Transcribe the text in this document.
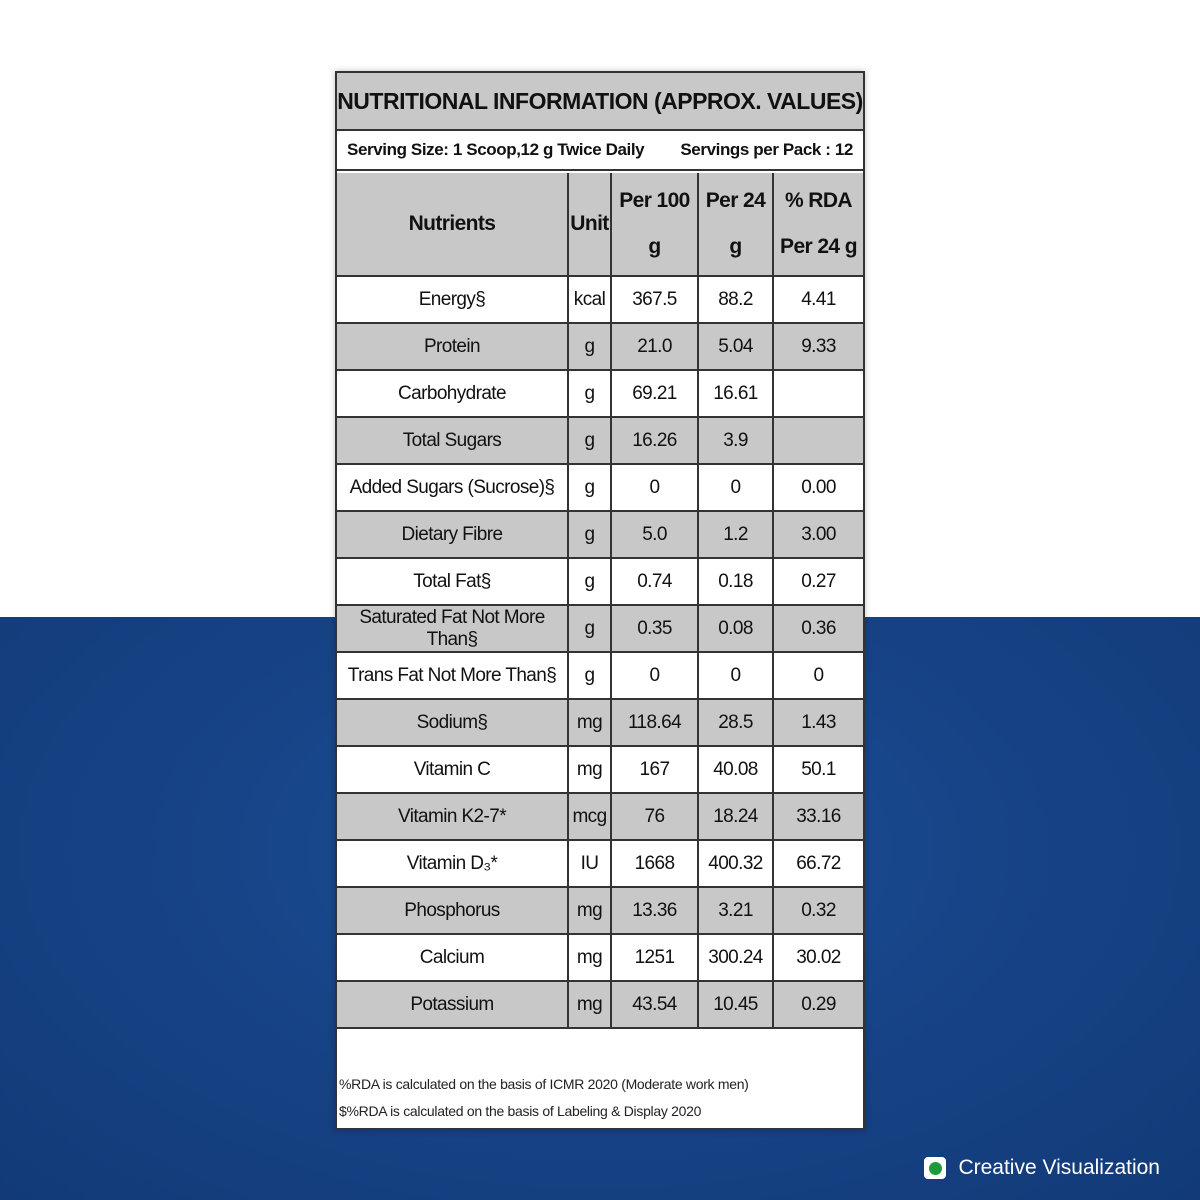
NUTRITIONAL INFORMATION (APPROX. VALUES)
Serving Size: 1 Scoop,12 g Twice Daily Servings per Pack : 12
Nutrients	Unit	Per 100 g	Per 24 g	% RDA
Per 24 g
Energy§	kcal	367.5	88.2	4.41
Protein	g	21.0	5.04	9.33
Carbohydrate	g	69.21	16.61	
Total Sugars	g	16.26	3.9	
Added Sugars (Sucrose)§	g	0	0	0.00
Dietary Fibre	g	5.0	1.2	3.00
Total Fat§	g	0.74	0.18	0.27
Saturated Fat Not More Than§	g	0.35	0.08	0.36
Trans Fat Not More Than§	g	0	0	0
Sodium§	mg	118.64	28.5	1.43
Vitamin C	mg	167	40.08	50.1
Vitamin K2-7*	mcg	76	18.24	33.16
Vitamin D₃*	IU	1668	400.32	66.72
Phosphorus	mg	13.36	3.21	0.32
Calcium	mg	1251	300.24	30.02
Potassium	mg	43.54	10.45	0.29
%RDA is calculated on the basis of ICMR 2020 (Moderate work men)
$%RDA is calculated on the basis of Labeling & Display 2020
Creative Visualization
